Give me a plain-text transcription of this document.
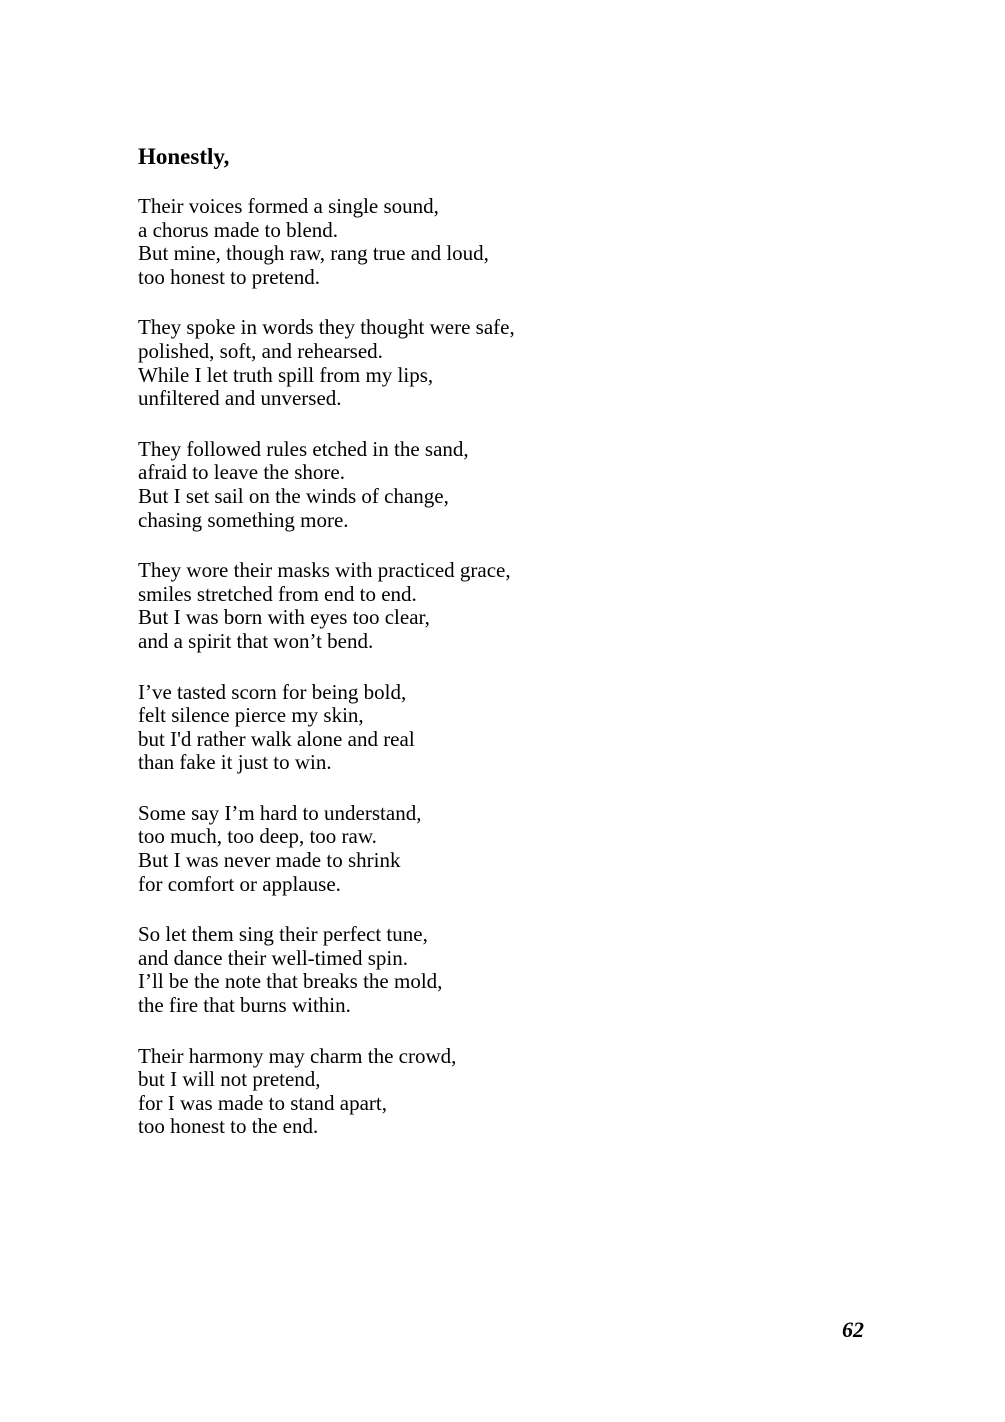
Honestly,
Their voices formed a single sound,
a chorus made to blend.
But mine, though raw, rang true and loud,
too honest to pretend.
They spoke in words they thought were safe,
polished, soft, and rehearsed.
While I let truth spill from my lips,
unfiltered and unversed.
They followed rules etched in the sand,
afraid to leave the shore.
But I set sail on the winds of change,
chasing something more.
They wore their masks with practiced grace,
smiles stretched from end to end.
But I was born with eyes too clear,
and a spirit that won’t bend.
I’ve tasted scorn for being bold,
felt silence pierce my skin,
but I'd rather walk alone and real
than fake it just to win.
Some say I’m hard to understand,
too much, too deep, too raw.
But I was never made to shrink
for comfort or applause.
So let them sing their perfect tune,
and dance their well-timed spin.
I’ll be the note that breaks the mold,
the fire that burns within.
Their harmony may charm the crowd,
but I will not pretend,
for I was made to stand apart,
too honest to the end.
62
